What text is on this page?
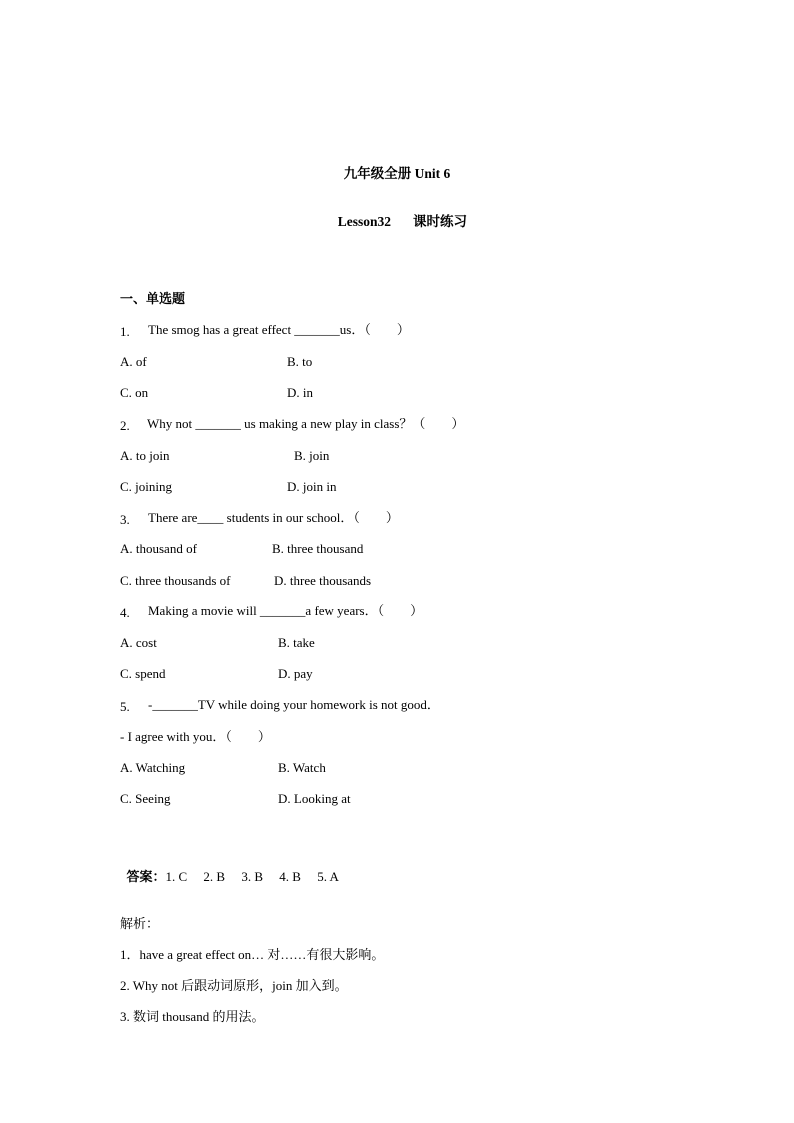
九年级全册 Unit 6

Lesson32 课时练习

一、单选题
1. The smog has a great effect _______us．（　　）
A. of	B. to
C. on	D. in
2. Why not _______ us making a new play in class？（　　）
A. to join	B. join
C. joining	D. join in
3. There are____ students in our school．（　　）
A. thousand of	B. three thousand
C. three thousands of	D. three thousands
4. Making a movie will _______a few years．（　　）
A. cost	B. take
C. spend	D. pay
5. -_______TV while doing your homework is not good．
- I agree with you．（　　）
A. Watching	B. Watch
C. Seeing	D. Looking at

答案：1. C　 2. B　 3. B　 4. B　 5. A

解析：
1．have a great effect on… 对……有很大影响。
2. Why not 后跟动词原形，join 加入到。
3. 数词 thousand 的用法。
